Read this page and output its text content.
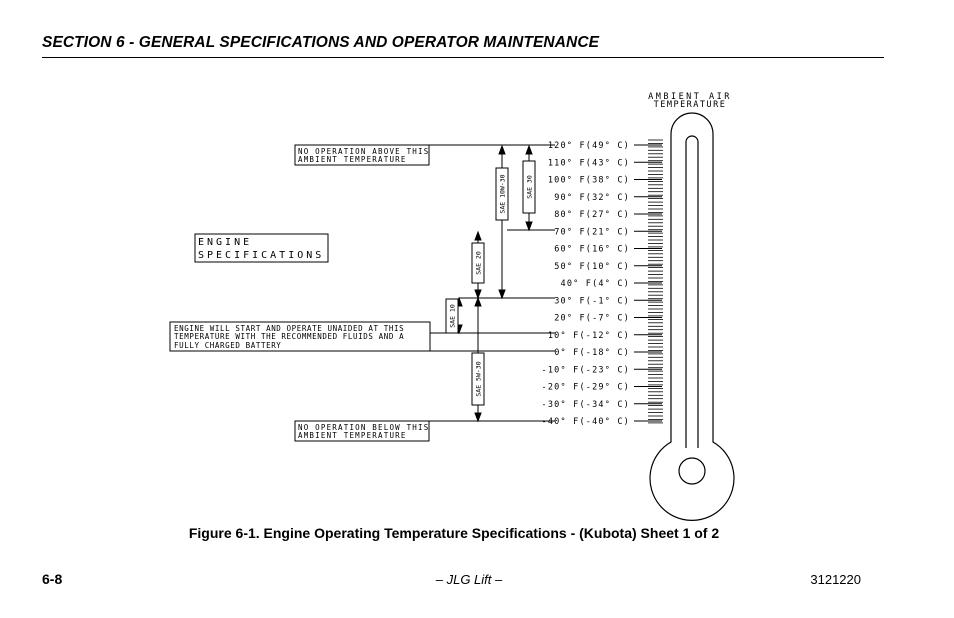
SECTION 6 - GENERAL SPECIFICATIONS AND OPERATOR MAINTENANCE
AMBIENT AIR
TEMPERATURE
120° F(49° C)
110° F(43° C)
100° F(38° C)
90° F(32° C)
80° F(27° C)
70° F(21° C)
60° F(16° C)
50° F(10° C)
40° F(4° C)
30° F(-1° C)
20° F(-7° C)
10° F(-12° C)
0° F(-18° C)
-10° F(-23° C)
-20° F(-29° C)
-30° F(-34° C)
-40° F(-40° C)
NO OPERATION ABOVE THIS
AMBIENT TEMPERATURE
ENGINE
SPECIFICATIONS
ENGINE WILL START AND OPERATE UNAIDED AT THIS
TEMPERATURE WITH THE RECOMMENDED FLUIDS AND A
FULLY CHARGED BATTERY
NO OPERATION BELOW THIS
AMBIENT TEMPERATURE
SAE 30
SAE 10W-30
SAE 20
SAE 10
SAE 5W-30
Figure 6-1. Engine Operating Temperature Specifications - (Kubota) Sheet 1 of 2
6-8	– JLG Lift –	3121220
